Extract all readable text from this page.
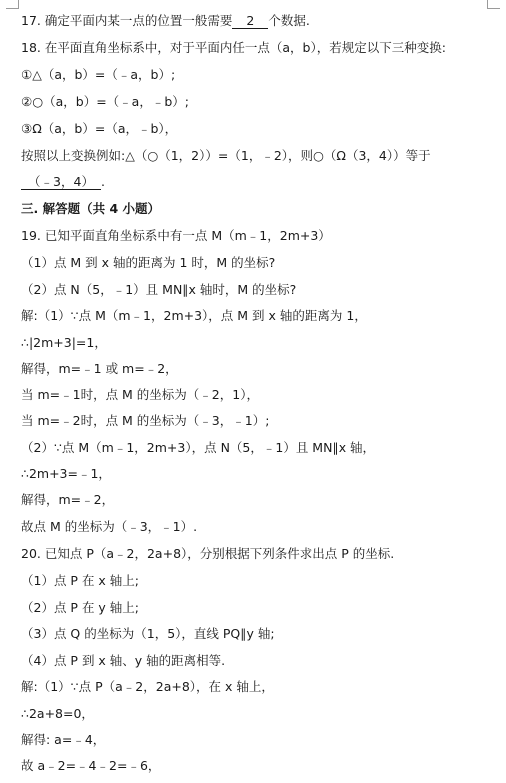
17. 确定平面内某一点的位置一般需要 2 个数据.
18. 在平面直角坐标系中，对于平面内任一点（a，b），若规定以下三种变换:
①△（a，b）=（﹣a，b）;
②○（a，b）=（﹣a，﹣b）;
③Ω（a，b）=（a，﹣b），
按照以上变换例如:△（○（1，2））=（1，﹣2），则○（Ω（3，4））等于
（﹣3，4） .
三. 解答题（共 4 小题）
19. 已知平面直角坐标系中有一点 M（m﹣1，2m+3）
（1）点 M 到 x 轴的距离为 1 时，M 的坐标?
（2）点 N（5，﹣1）且 MN∥x 轴时，M 的坐标?
解:（1）∵点 M（m﹣1，2m+3），点 M 到 x 轴的距离为 1，
∴|2m+3|=1，
解得，m=﹣1 或 m=﹣2，
当 m=﹣1时，点 M 的坐标为（﹣2，1），
当 m=﹣2时，点 M 的坐标为（﹣3，﹣1）;
（2）∵点 M（m﹣1，2m+3），点 N（5，﹣1）且 MN∥x 轴，
∴2m+3=﹣1，
解得，m=﹣2，
故点 M 的坐标为（﹣3，﹣1）.
20. 已知点 P（a﹣2，2a+8），分别根据下列条件求出点 P 的坐标.
（1）点 P 在 x 轴上;
（2）点 P 在 y 轴上;
（3）点 Q 的坐标为（1，5），直线 PQ∥y 轴;
（4）点 P 到 x 轴、y 轴的距离相等.
解:（1）∵点 P（a﹣2，2a+8），在 x 轴上，
∴2a+8=0，
解得: a=﹣4，
故 a﹣2=﹣4﹣2=﹣6，
